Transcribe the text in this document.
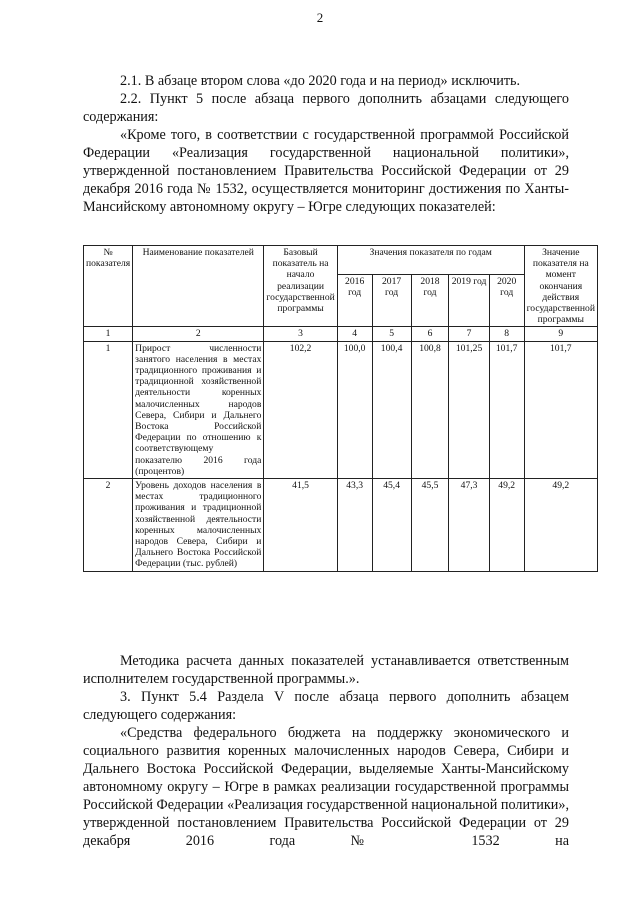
2

2.1. В абзаце втором слова «до 2020 года и на период» исключить.

2.2. Пункт 5 после абзаца первого дополнить абзацами следующего содержания:

«Кроме того, в соответствии с государственной программой Российской Федерации «Реализация государственной национальной политики», утвержденной постановлением Правительства Российской Федерации от 29 декабря 2016 года № 1532, осуществляется мониторинг достижения по Ханты-Мансийскому автономному округу – Югре следующих показателей:

№ показателя	Наименование показателей	Базовый показатель на начало реализации государственной программы	Значения показателя по годам					Значение показателя на момент окончания действия государственной программы
			2016 год	2017 год	2018 год	2019 год	2020 год	
1	2	3	4	5	6	7	8	9
1	Прирост численности занятого населения в местах традиционного проживания и традиционной хозяйственной деятельности коренных малочисленных народов Севера, Сибири и Дальнего Востока Российской Федерации по отношению к соответствующему показателю 2016 года (процентов)	102,2	100,0	100,4	100,8	101,25	101,7	101,7
2	Уровень доходов населения в местах традиционного проживания и традиционной хозяйственной деятельности коренных малочисленных народов Севера, Сибири и Дальнего Востока Российской Федерации (тыс. рублей)	41,5	43,3	45,4	45,5	47,3	49,2	49,2

Методика расчета данных показателей устанавливается ответственным исполнителем государственной программы.».

3. Пункт 5.4 Раздела V после абзаца первого дополнить абзацем следующего содержания:

«Средства федерального бюджета на поддержку экономического и социального развития коренных малочисленных народов Севера, Сибири и Дальнего Востока Российской Федерации, выделяемые Ханты-Мансийскому автономному округу – Югре в рамках реализации государственной программы Российской Федерации «Реализация государственной национальной политики», утвержденной постановлением Правительства Российской Федерации от 29 декабря 2016 года № 1532 на
